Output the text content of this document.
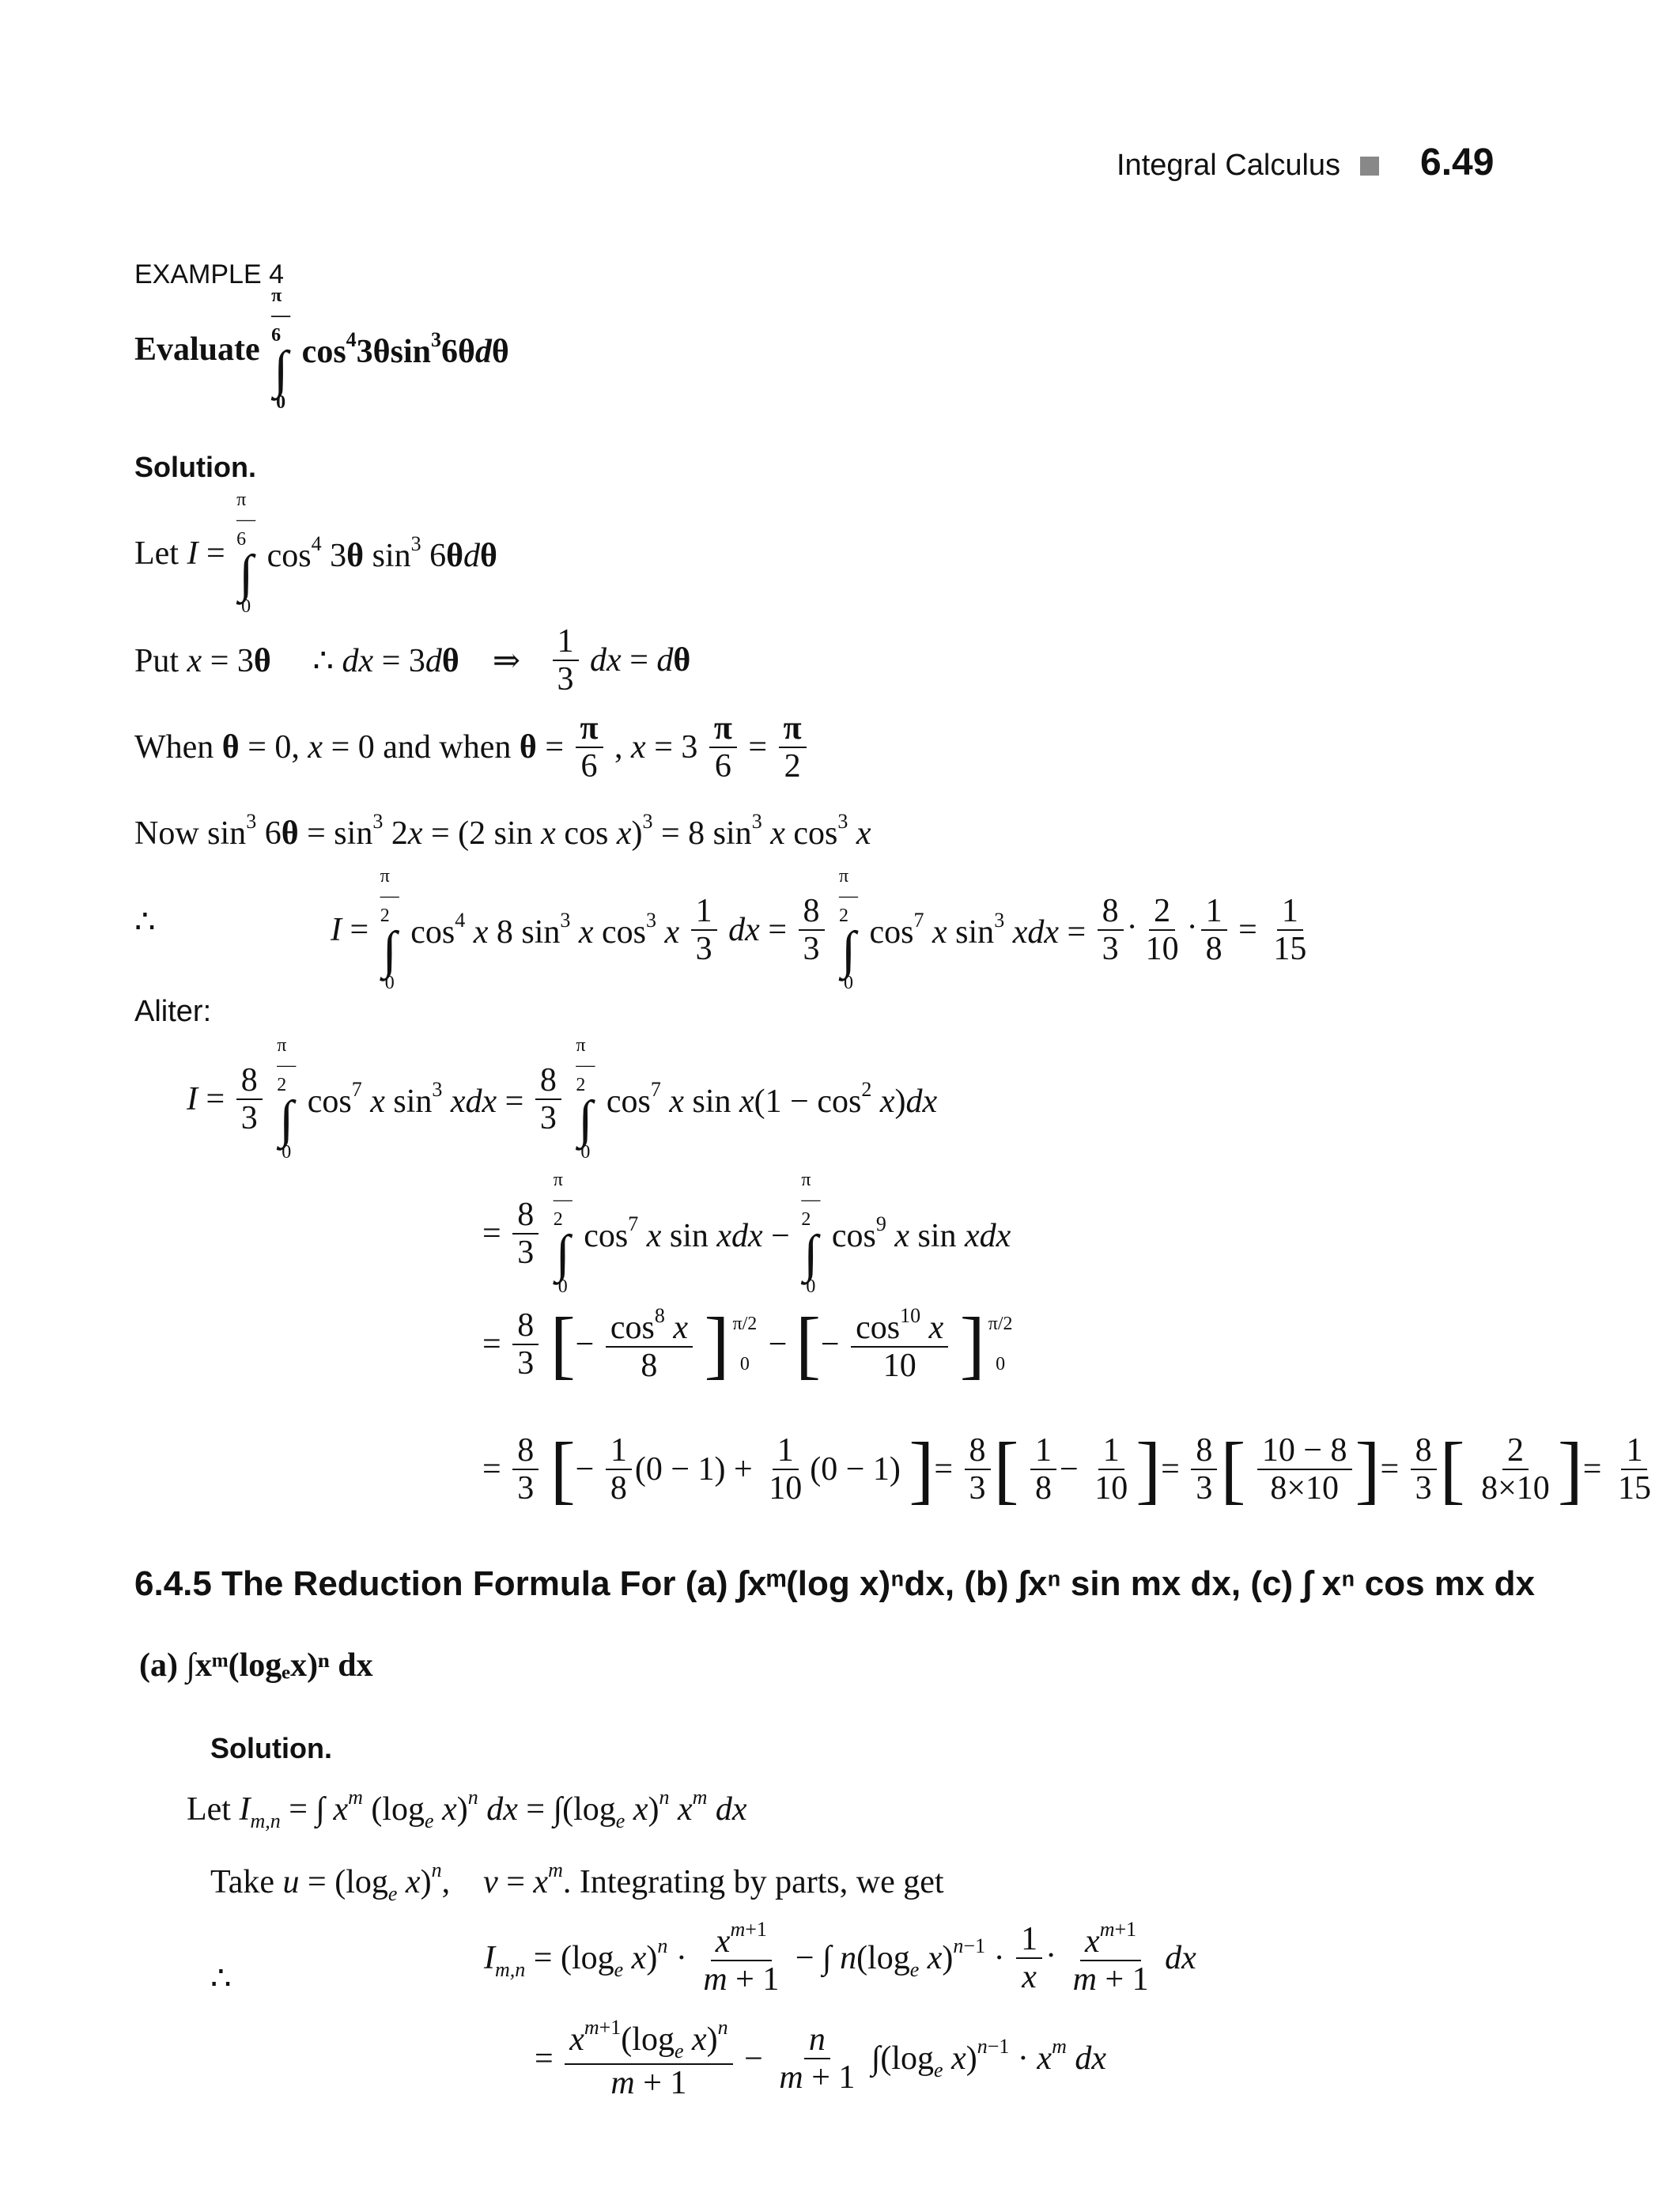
Integral Calculus 6.49
EXAMPLE 4
Evaluate
π
―
6
∫
0
$\cos^43\theta\sin^36\theta d\theta$
Solution.
Let I =
π
―
6
∫
0
$\cos^4 3\theta$ $\sin^3 6\theta d\theta$
Put x = 3θ     ∴ dx = 3dθ    ⇒ $\frac{1}{3}$ dx = dθ
When θ = 0, x = 0 and when $\theta = \frac{\pi}{6}$ , $x = 3 \frac{\pi}{6} = \frac{\pi}{2}$
Now $\sin^3 6\theta = \sin^3 2x = (2$ sin x cos x)$^3$ = 8 $\sin^3 x$ $\cos^3 x$
∴	I =
π
―
2
∫
0
$\cos^4 x$ 8 $\sin^3 x$ $\cos^3 x \frac{1}{3}$ dx = $\frac{8}{3}$

π
―
2
∫
0
$\cos^7 x$ $\sin^3$ xdx = $\frac{8}{3} \cdot \frac{2}{10} \cdot \frac{1}{8} = \frac{1}{15}$
Aliter:
$I = \frac{8}{3}$

π
―
2
∫
0
$\cos^7 x$ $\sin^3$ xdx = $\frac{8}{3}$

π
―
2
∫
0
$\cos^7 x$ $\sin x(1 - \cos^2 x)dx$
= $\frac{8}{3}$

π
―
2
∫
0
$\cos^7 x$ sin xdx −
π
―
2
∫
0
$\cos^9 x$ sin xdx
= $\frac{8}{3}$ [− $\frac{\cos^8 x}{8}$ ] π/2

0
− [− $\frac{\cos^{10} x}{10}$ ] π/2

0
= $\frac{8}{3}$ [− $\frac{1}{8} (0 - 1) + \frac{1}{10} (0 - 1)$ ]= $\frac{8}{3}$ [ $\frac{1}{8} - \frac{1}{10}$ ]= $\frac{8}{3}$ [ $\frac{10 - 8}{8\times 10}$ ]= $\frac{8}{3}$ [ $\frac{2}{8\times 10}$ ]= $\frac{1}{15}$
6.4.5 The Reduction Formula For (a) ∫xᵐ(log x)ⁿdx, (b) ∫xⁿ sin mx dx, (c) ∫ xⁿ cos mx dx
(a) ∫xᵐ(logₑx)ⁿ dx
Solution.
Let $I_{m,n}$ = ∫ $x^m$ ($\log_e$ x)$^n$ dx = $\int(\log_e$ x)$^n$ $x^m$ dx
Take $u = (\log_e$ x)$^n$,    $v = x^m$. Integrating by parts, we get
∴
$I_{m,n} = (\log_e$ $x)^n \cdot \frac{x^{m+1}}{m + 1}$ − ∫ $n(\log_e$ $x)^{n-1} \cdot \frac{1}{x} \cdot \frac{x^{m+1}}{m + 1}$ dx
= $\frac{x^{m+1}(\log_e x)^n}{m + 1} - \frac{n}{m + 1} \int(\log_e$ $x)^{n-1} \cdot x^m$ dx
